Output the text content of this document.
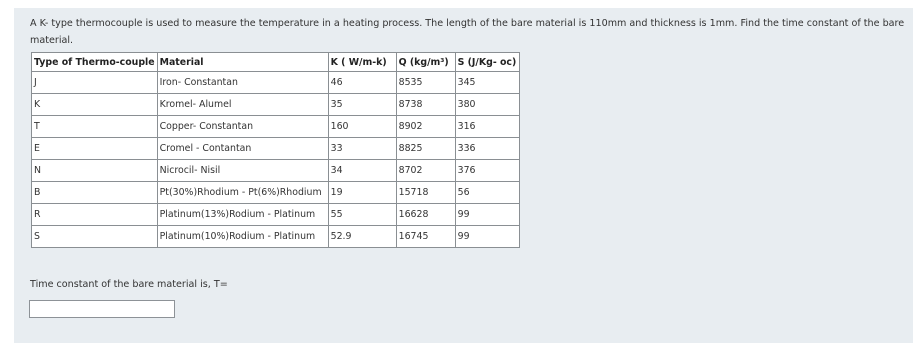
A K- type thermocouple is used to measure the temperature in a heating process. The length of the bare material is 110mm and thickness is 1mm. Find the time constant of the bare material.
Type of Thermo-couple	Material	K ( W/m-k)	Q (kg/m³)	S (J/Kg- oc)
J	Iron- Constantan	46	8535	345
K	Kromel- Alumel	35	8738	380
T	Copper- Constantan	160	8902	316
E	Cromel - Contantan	33	8825	336
N	Nicrocil- Nisil	34	8702	376
B	Pt(30%)Rhodium - Pt(6%)Rhodium	19	15718	56
R	Platinum(13%)Rodium - Platinum	55	16628	99
S	Platinum(10%)Rodium - Platinum	52.9	16745	99
Time constant of the bare material is, T=
